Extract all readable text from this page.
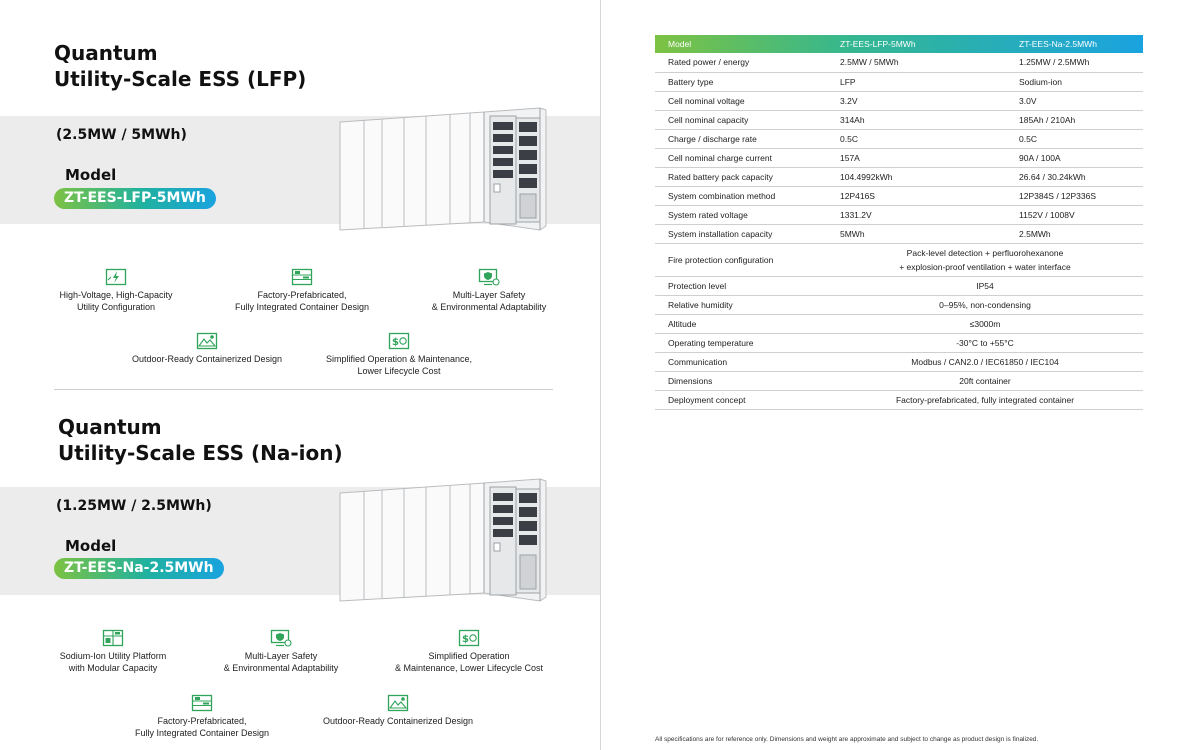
Quantum
Utility-Scale ESS (LFP)
(2.5MW / 5MWh)
Model
ZT-EES-LFP-5MWh
High-Voltage, High-Capacity
Utility Configuration
Factory-Prefabricated,
Fully Integrated Container Design
Multi-Layer Safety
& Environmental Adaptability
Outdoor-Ready Containerized Design
$
Simplified Operation & Maintenance,
Lower Lifecycle Cost
Quantum
Utility-Scale ESS (Na-ion)
(1.25MW / 2.5MWh)
Model
ZT-EES-Na-2.5MWh
Sodium-Ion Utility Platform
with Modular Capacity
Multi-Layer Safety
& Environmental Adaptability
$
Simplified Operation
& Maintenance, Lower Lifecycle Cost
Factory-Prefabricated,
Fully Integrated Container Design
Outdoor-Ready Containerized Design
Model	ZT-EES-LFP-5MWh	ZT-EES-Na-2.5MWh
Rated power / energy	2.5MW / 5MWh	1.25MW / 2.5MWh
Battery type	LFP	Sodium-ion
Cell nominal voltage	3.2V	3.0V
Cell nominal capacity	314Ah	185Ah / 210Ah
Charge / discharge rate	0.5C	0.5C
Cell nominal charge current	157A	90A / 100A
Rated battery pack capacity	104.4992kWh	26.64 / 30.24kWh
System combination method	12P416S	12P384S / 12P336S
System rated voltage	1331.2V	1152V / 1008V
System installation capacity	5MWh	2.5MWh
Fire protection configuration	Pack-level detection + perfluorohexanone
+ explosion-proof ventilation + water interface	

Protection level	IP54	
Relative humidity	0–95%, non-condensing	
Altitude	≤3000m	
Operating temperature	-30°C to +55°C	
Communication	Modbus / CAN2.0 / IEC61850 / IEC104	
Dimensions	20ft container	
Deployment concept	Factory-prefabricated, fully integrated container	
All specifications are for reference only. Dimensions and weight are approximate and subject to change as product design is finalized.
